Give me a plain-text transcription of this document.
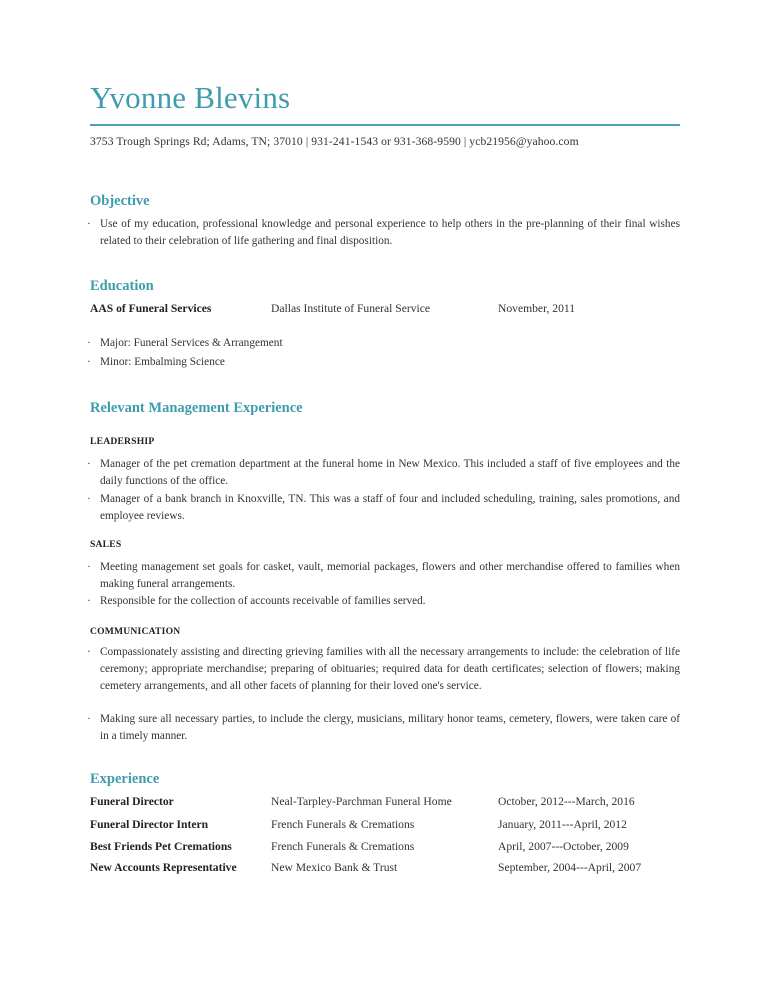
Yvonne Blevins
3753 Trough Springs Rd; Adams, TN; 37010 | 931-241-1543 or 931-368-9590 | ycb21956@yahoo.com
Objective
· Use of my education, professional knowledge and personal experience to help others in the pre-planning of their final wishes related to their celebration of life gathering and final disposition.
Education
AAS of Funeral Services	Dallas Institute of Funeral Service	November, 2011
· Major: Funeral Services & Arrangement
· Minor: Embalming Science
Relevant Management Experience
LEADERSHIP
· Manager of the pet cremation department at the funeral home in New Mexico. This included a staff of five employees and the daily functions of the office.
· Manager of a bank branch in Knoxville, TN. This was a staff of four and included scheduling, training, sales promotions, and employee reviews.
SALES
· Meeting management set goals for casket, vault, memorial packages, flowers and other merchandise offered to families when making funeral arrangements.
· Responsible for the collection of accounts receivable of families served.
COMMUNICATION
· Compassionately assisting and directing grieving families with all the necessary arrangements to include: the celebration of life ceremony; appropriate merchandise; preparing of obituaries; required data for death certificates; selection of flowers; making cemetery arrangements, and all other facets of planning for their loved one's service.
· Making sure all necessary parties, to include the clergy, musicians, military honor teams, cemetery, flowers, were taken care of in a timely manner.
Experience
Funeral Director	Neal-Tarpley-Parchman Funeral Home	October, 2012---March, 2016
Funeral Director Intern	French Funerals & Cremations	January, 2011---April, 2012
Best Friends Pet Cremations	French Funerals & Cremations	April, 2007---October, 2009
New Accounts Representative	New Mexico Bank & Trust	September, 2004---April, 2007
